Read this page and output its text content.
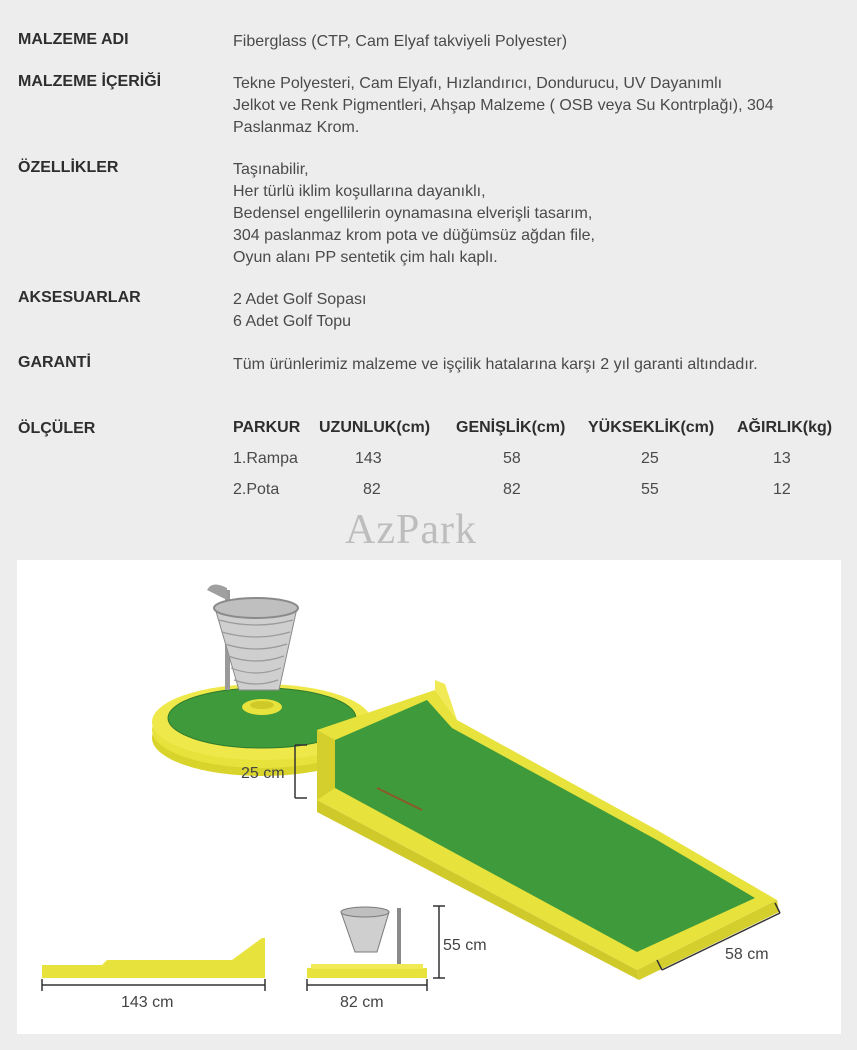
MALZEME ADI	Fiberglass (CTP, Cam Elyaf takviyeli Polyester)
MALZEME İÇERİĞİ	Tekne Polyesteri, Cam Elyafı, Hızlandırıcı, Dondurucu, UV Dayanımlı
Jelkot ve Renk Pigmentleri, Ahşap Malzeme ( OSB veya Su Kontrplağı), 304
Paslanmaz Krom.
ÖZELLİKLER	Taşınabilir,
Her türlü iklim koşullarına dayanıklı,
Bedensel engellilerin oynamasına elverişli tasarım,
304 paslanmaz krom pota ve düğümsüz ağdan file,
Oyun alanı PP sentetik çim halı kaplı.
AKSESUARLAR	2 Adet Golf Sopası
6 Adet Golf Topu
GARANTİ	Tüm ürünlerimiz malzeme ve işçilik hatalarına karşı 2 yıl garanti altındadır.
ÖLÇÜLER	PARKUR UZUNLUK(cm) GENİŞLİK(cm) YÜKSEKLİK(cm) AĞIRLIK(kg)
1.Rampa	143	58	25	13
2.Pota	82	82	55	12
AzPark
25 cm
58 cm
143 cm	82 cm
55 cm
